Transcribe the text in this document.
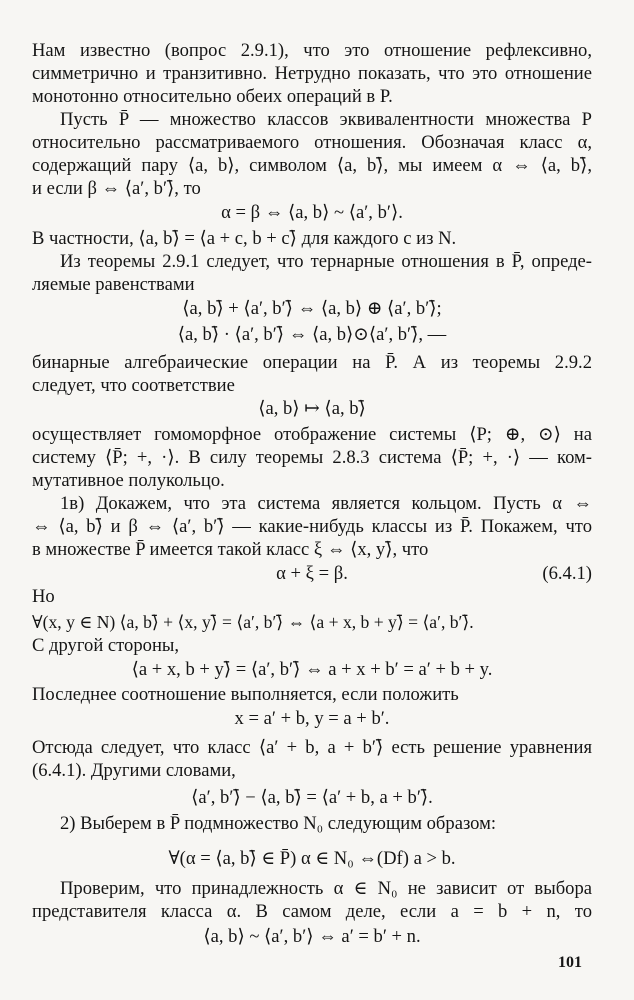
Нам известно (вопрос 2.9.1), что это отношение рефлексивно,
симметрично и транзитивно. Нетрудно показать, что это отношение
монотонно относительно обеих операций в P.
Пусть P̄ — множество классов эквивалентности множества P
относительно рассматриваемого отношения. Обозначая класс α,
содержащий пару ⟨a, b⟩, символом ⟨a, b⟩̄, мы имеем α ⇔ ⟨a, b⟩̄,
и если β ⇔ ⟨a′, b′⟩̄, то
α = β ⇔ ⟨a, b⟩ ~ ⟨a′, b′⟩.
В частности, ⟨a, b⟩̄ = ⟨a + c, b + c⟩̄ для каждого c из N.
Из теоремы 2.9.1 следует, что тернарные отношения в P̄, опреде-
ляемые равенствами
⟨a, b⟩̄ + ⟨a′, b′⟩̄ ⇔ ⟨a, b⟩ ⊕ ⟨a′, b′⟩̄;
⟨a, b⟩̄ · ⟨a′, b′⟩̄ ⇔ ⟨a, b⟩⊙⟨a′, b′⟩̄, —
бинарные алгебраические операции на P̄. А из теоремы 2.9.2
следует, что соответствие
⟨a, b⟩ ↦ ⟨a, b⟩̄
осуществляет гомоморфное отображение системы ⟨P; ⊕, ⊙⟩ на
систему ⟨P̄; +, ·⟩. В силу теоремы 2.8.3 система ⟨P̄; +, ·⟩ — ком-
мутативное полукольцо.
1в) Докажем, что эта система является кольцом. Пусть α ⇔
⇔ ⟨a, b⟩̄ и β ⇔ ⟨a′, b′⟩̄ — какие-нибудь классы из P̄. Покажем, что
в множестве P̄ имеется такой класс ξ ⇔ ⟨x, y⟩̄, что
α + ξ = β.	(6.4.1)
Но
∀(x, y ∈ N) ⟨a, b⟩̄ + ⟨x, y⟩̄ = ⟨a′, b′⟩̄ ⇔ ⟨a + x, b + y⟩̄ = ⟨a′, b′⟩̄.
С другой стороны,
⟨a + x, b + y⟩̄ = ⟨a′, b′⟩̄ ⇔ a + x + b′ = a′ + b + y.
Последнее соотношение выполняется, если положить
x = a′ + b, y = a + b′.
Отсюда следует, что класс ⟨a′ + b, a + b′⟩̄ есть решение уравнения
(6.4.1). Другими словами,
⟨a′, b′⟩̄ − ⟨a, b⟩̄ = ⟨a′ + b, a + b′⟩̄.
2) Выберем в P̄ подмножество N₀ следующим образом:
∀(α = ⟨a, b⟩̄ ∈ P̄) α ∈ N₀ ⇔(Df) a > b.
Проверим, что принадлежность α ∈ N₀ не зависит от выбора
представителя класса α. В самом деле, если a = b + n, то
⟨a, b⟩ ~ ⟨a′, b′⟩ ⇔ a′ = b′ + n.
101
